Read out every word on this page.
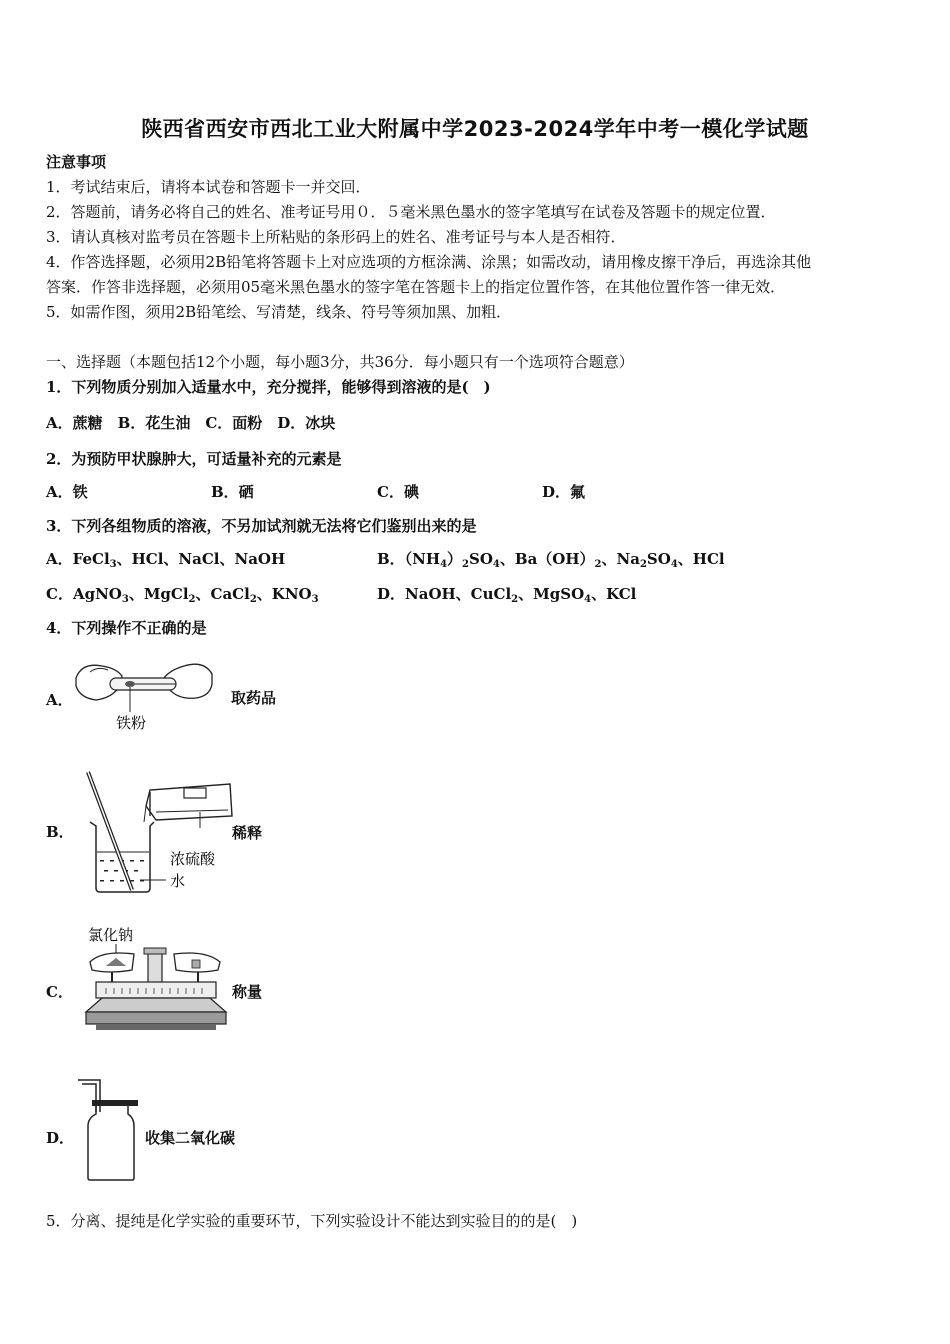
陕西省西安市西北工业大附属中学2023-2024学年中考一模化学试题
注意事项
1．考试结束后，请将本试卷和答题卡一并交回．
2．答题前，请务必将自己的姓名、准考证号用０．５毫米黑色墨水的签字笔填写在试卷及答题卡的规定位置．
3．请认真核对监考员在答题卡上所粘贴的条形码上的姓名、准考证号与本人是否相符．
4．作答选择题，必须用2B铅笔将答题卡上对应选项的方框涂满、涂黑；如需改动，请用橡皮擦干净后，再选涂其他
答案．作答非选择题，必须用05毫米黑色墨水的签字笔在答题卡上的指定位置作答，在其他位置作答一律无效．
5．如需作图，须用2B铅笔绘、写清楚，线条、符号等须加黑、加粗．
一、选择题（本题包括12个小题，每小题3分，共36分．每小题只有一个选项符合题意）
1．下列物质分别加入适量水中，充分搅拌，能够得到溶液的是(　)
A．蔗糖　B．花生油　C．面粉　D．冰块
2．为预防甲状腺肿大，可适量补充的元素是
A．铁	B．硒	C．碘	D．氟
3．下列各组物质的溶液，不另加试剂就无法将它们鉴别出来的是
A．FeCl$_3$、HCl、NaCl、NaOH	B．$(NH_4)_2SO_4$、$Ba(OH)_2$、$Na_2SO_4$、HCl
C．AgNO$_3$、MgCl$_2$、CaCl$_2$、$KNO_3$	D．NaOH、CuCl$_2$、MgSO$_4$、KCl
4．下列操作不正确的是
A．
铁粉
取药品
B．
浓硫酸
水
稀释
C．
氯化钠
称量
D．	收集二氧化碳
5．分离、提纯是化学实验的重要环节，下列实验设计不能达到实验目的的是(　)
